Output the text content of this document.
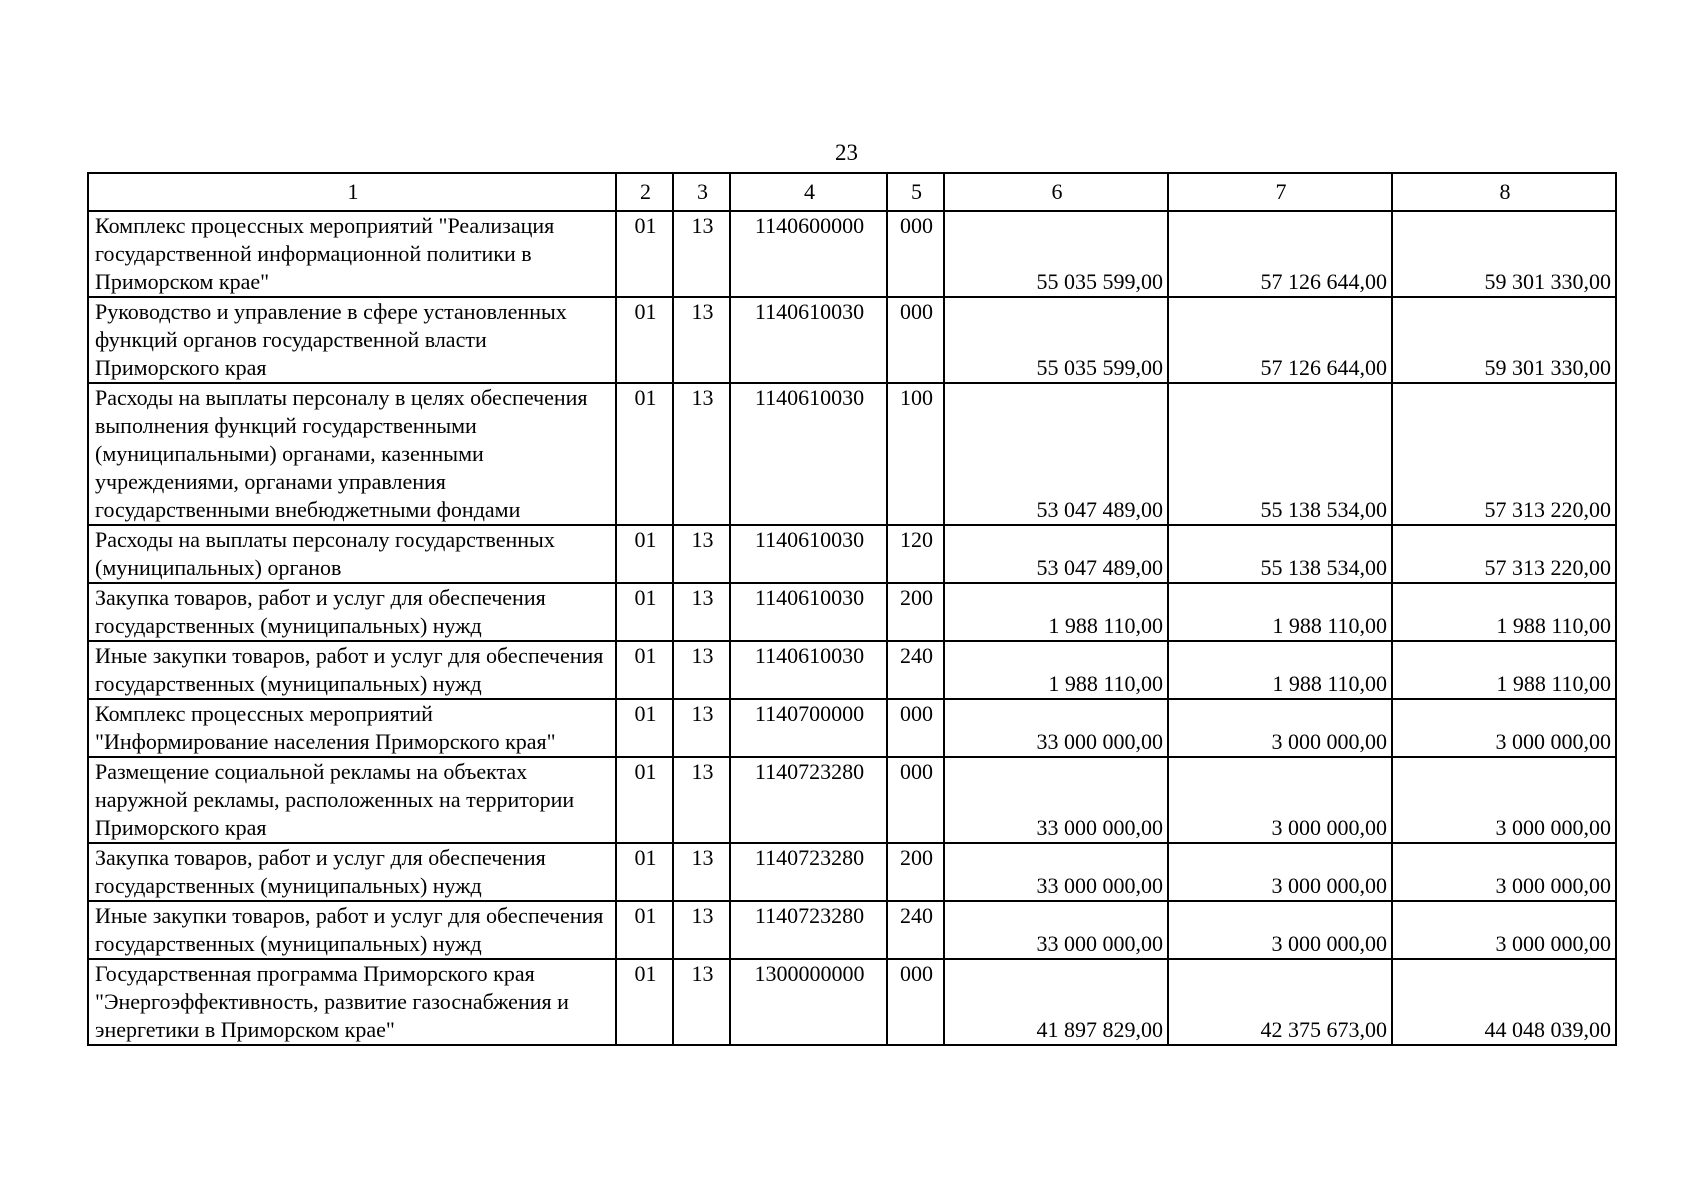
23
1	2	3	4	5	6	7	8
Комплекс процессных мероприятий "Реализация государственной информационной политики в Приморском крае"	01	13	1140600000	000	55 035 599,00	57 126 644,00	59 301 330,00
Руководство и управление в сфере установленных функций органов государственной власти Приморского края	01	13	1140610030	000	55 035 599,00	57 126 644,00	59 301 330,00
Расходы на выплаты персоналу в целях обеспечения выполнения функций государственными (муниципальными) органами, казенными учреждениями, органами управления государственными внебюджетными фондами	01	13	1140610030	100	53 047 489,00	55 138 534,00	57 313 220,00
Расходы на выплаты персоналу государственных (муниципальных) органов	01	13	1140610030	120	53 047 489,00	55 138 534,00	57 313 220,00
Закупка товаров, работ и услуг для обеспечения государственных (муниципальных) нужд	01	13	1140610030	200	1 988 110,00	1 988 110,00	1 988 110,00
Иные закупки товаров, работ и услуг для обеспечения государственных (муниципальных) нужд	01	13	1140610030	240	1 988 110,00	1 988 110,00	1 988 110,00
Комплекс процессных мероприятий "Информирование населения Приморского края"	01	13	1140700000	000	33 000 000,00	3 000 000,00	3 000 000,00
Размещение социальной рекламы на объектах наружной рекламы, расположенных на территории Приморского края	01	13	1140723280	000	33 000 000,00	3 000 000,00	3 000 000,00
Закупка товаров, работ и услуг для обеспечения государственных (муниципальных) нужд	01	13	1140723280	200	33 000 000,00	3 000 000,00	3 000 000,00
Иные закупки товаров, работ и услуг для обеспечения государственных (муниципальных) нужд	01	13	1140723280	240	33 000 000,00	3 000 000,00	3 000 000,00
Государственная программа Приморского края "Энергоэффективность, развитие газоснабжения и энергетики в Приморском крае"	01	13	1300000000	000	41 897 829,00	42 375 673,00	44 048 039,00
